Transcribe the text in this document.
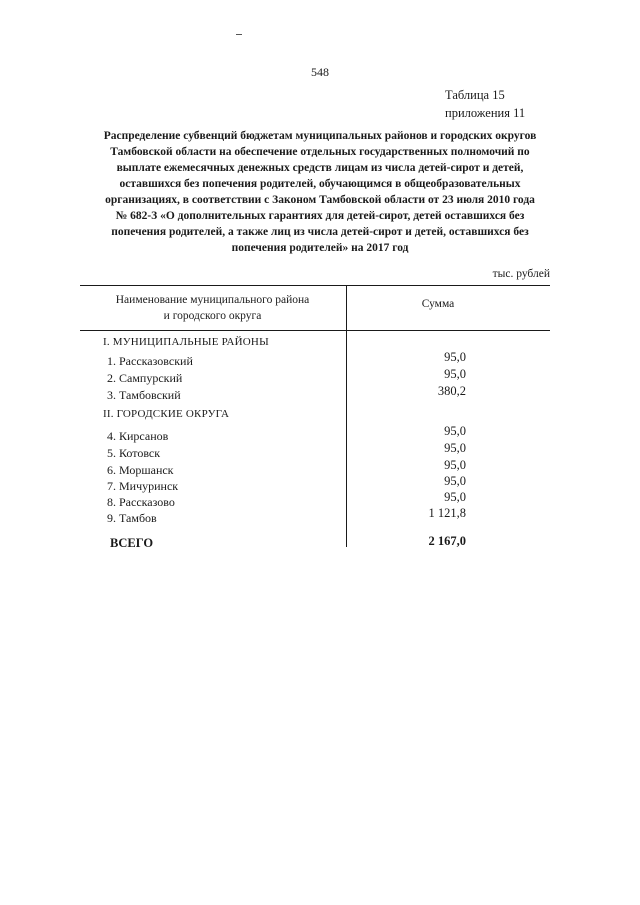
548
Таблица 15
приложения 11
Распределение субвенций бюджетам муниципальных районов и городских округов
Тамбовской области на обеспечение отдельных государственных полномочий по
выплате ежемесячных денежных средств лицам из числа детей-сирот и детей,
оставшихся без попечения родителей, обучающимся в общеобразовательных
организациях, в соответствии с Законом Тамбовской области от 23 июля 2010 года
№ 682-З «О дополнительных гарантиях для детей-сирот, детей оставшихся без
попечения родителей, а также лиц из числа детей-сирот и детей, оставшихся без
попечения родителей» на 2017 год
тыс. рублей
Наименование муниципального района
и городского округа
Сумма
I. МУНИЦИПАЛЬНЫЕ РАЙОНЫ
1. Рассказовский	95,0
2. Сампурский	95,0
3. Тамбовский	380,2
II. ГОРОДСКИЕ ОКРУГА
4. Кирсанов	95,0
5. Котовск	95,0
6. Моршанск	95,0
7. Мичуринск	95,0
8. Рассказово	95,0
9. Тамбов	1 121,8
ВСЕГО	2 167,0
